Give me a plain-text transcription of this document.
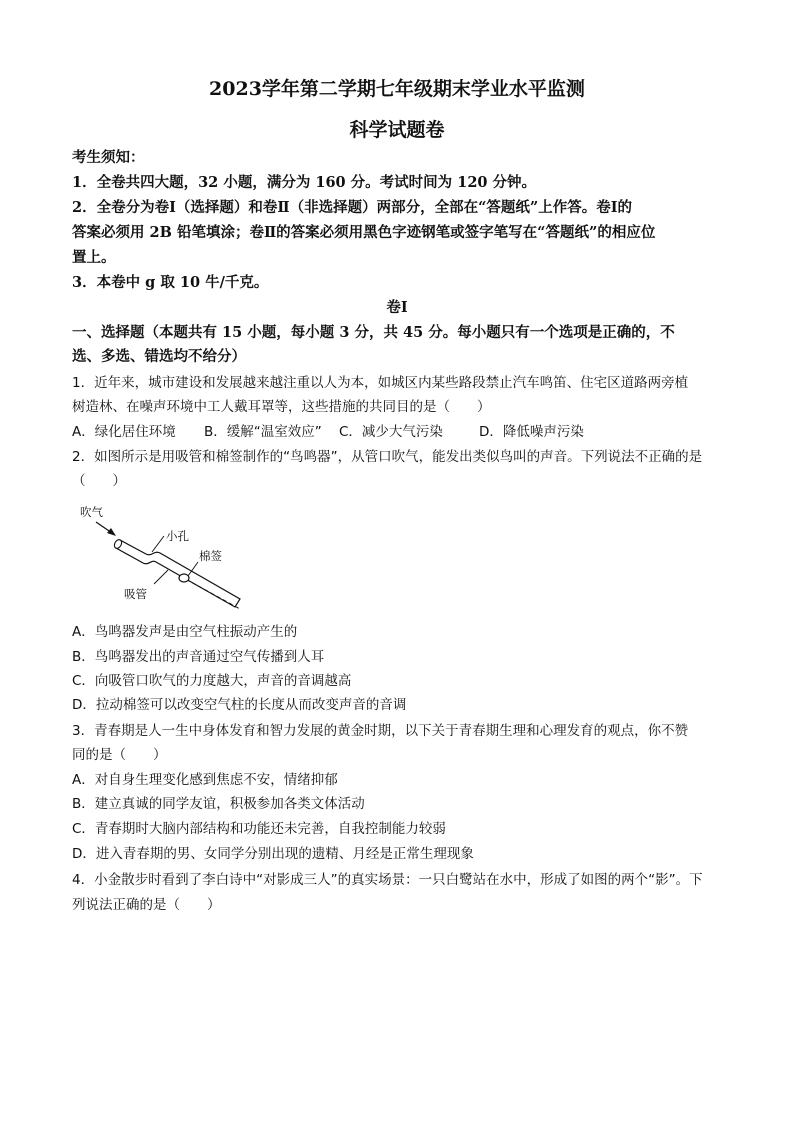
2023学年第二学期七年级期末学业水平监测
科学试题卷
考生须知：
1．全卷共四大题，32 小题，满分为 160 分。考试时间为 120 分钟。
2．全卷分为卷Ⅰ（选择题）和卷Ⅱ（非选择题）两部分，全部在“答题纸”上作答。卷Ⅰ的
答案必须用 2B 铅笔填涂；卷Ⅱ的答案必须用黑色字迹钢笔或签字笔写在“答题纸”的相应位
置上。
3．本卷中 g 取 10 牛/千克。
卷Ⅰ
一、选择题（本题共有 15 小题，每小题 3 分，共 45 分。每小题只有一个选项是正确的，不
选、多选、错选均不给分）
1．近年来，城市建设和发展越来越注重以人为本，如城区内某些路段禁止汽车鸣笛、住宅区道路两旁植
树造林、在噪声环境中工人戴耳罩等，这些措施的共同目的是（　　）
A．绿化居住环境 B．缓解“温室效应” C．减少大气污染	D．降低噪声污染
2．如图所示是用吸管和棉签制作的“鸟鸣器”，从管口吹气，能发出类似鸟叫的声音。下列说法不正确的是
（　　）
吹气
小孔
棉签
吸管
A．鸟鸣器发声是由空气柱振动产生的
B．鸟鸣器发出的声音通过空气传播到人耳
C．向吸管口吹气的力度越大，声音的音调越高
D．拉动棉签可以改变空气柱的长度从而改变声音的音调
3．青春期是人一生中身体发育和智力发展的黄金时期，以下关于青春期生理和心理发育的观点，你不赞
同的是（　　）
A．对自身生理变化感到焦虑不安，情绪抑郁
B．建立真诚的同学友谊，积极参加各类文体活动
C．青春期时大脑内部结构和功能还未完善，自我控制能力较弱
D．进入青春期的男、女同学分别出现的遗精、月经是正常生理现象
4．小金散步时看到了李白诗中“对影成三人”的真实场景：一只白鹭站在水中，形成了如图的两个“影”。下
列说法正确的是（　　）
